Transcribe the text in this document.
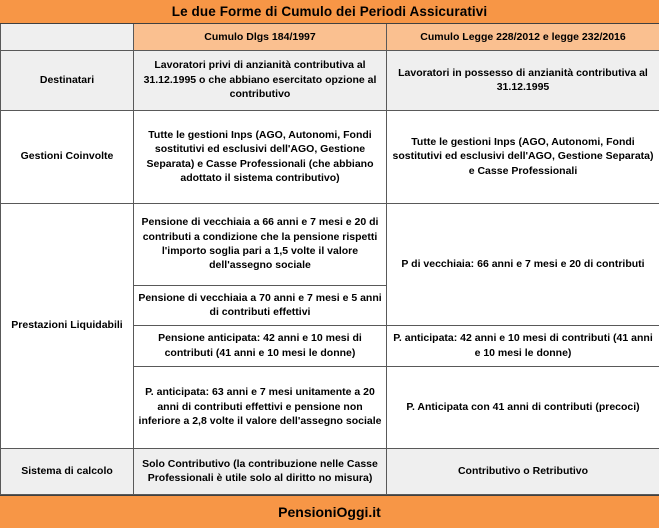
Le due Forme di Cumulo dei Periodi Assicurativi
	Cumulo Dlgs 184/1997	Cumulo Legge 228/2012 e legge 232/2016
Destinatari	Lavoratori privi di anzianità contributiva al 31.12.1995 o che abbiano esercitato opzione al contributivo	Lavoratori in possesso di anzianità contributiva al 31.12.1995
Gestioni Coinvolte	Tutte le gestioni Inps (AGO, Autonomi, Fondi sostitutivi ed esclusivi dell'AGO, Gestione Separata) e Casse Professionali (che abbiano adottato il sistema contributivo)	Tutte le gestioni Inps (AGO, Autonomi, Fondi sostitutivi ed esclusivi dell'AGO, Gestione Separata) e Casse Professionali
Prestazioni Liquidabili	Pensione di vecchiaia a 66 anni e 7 mesi e 20 di contributi a condizione che la pensione rispetti l'importo soglia pari a 1,5 volte il valore dell'assegno sociale	P di vecchiaia: 66 anni e 7 mesi e 20 di contributi
	Pensione di vecchiaia a 70 anni e 7 mesi e 5 anni di contributi effettivi	
	Pensione anticipata: 42 anni e 10 mesi di contributi (41 anni e 10 mesi le donne)	P. anticipata: 42 anni e 10 mesi di contributi (41 anni e 10 mesi le donne)
	P. anticipata: 63 anni e 7 mesi unitamente a 20 anni di contributi effettivi e pensione non inferiore a 2,8 volte il valore dell'assegno sociale	P. Anticipata con 41 anni di contributi (precoci)
Sistema di calcolo	Solo Contributivo (la contribuzione nelle Casse Professionali è utile solo al diritto no misura)	Contributivo o Retributivo
PensioniOggi.it
